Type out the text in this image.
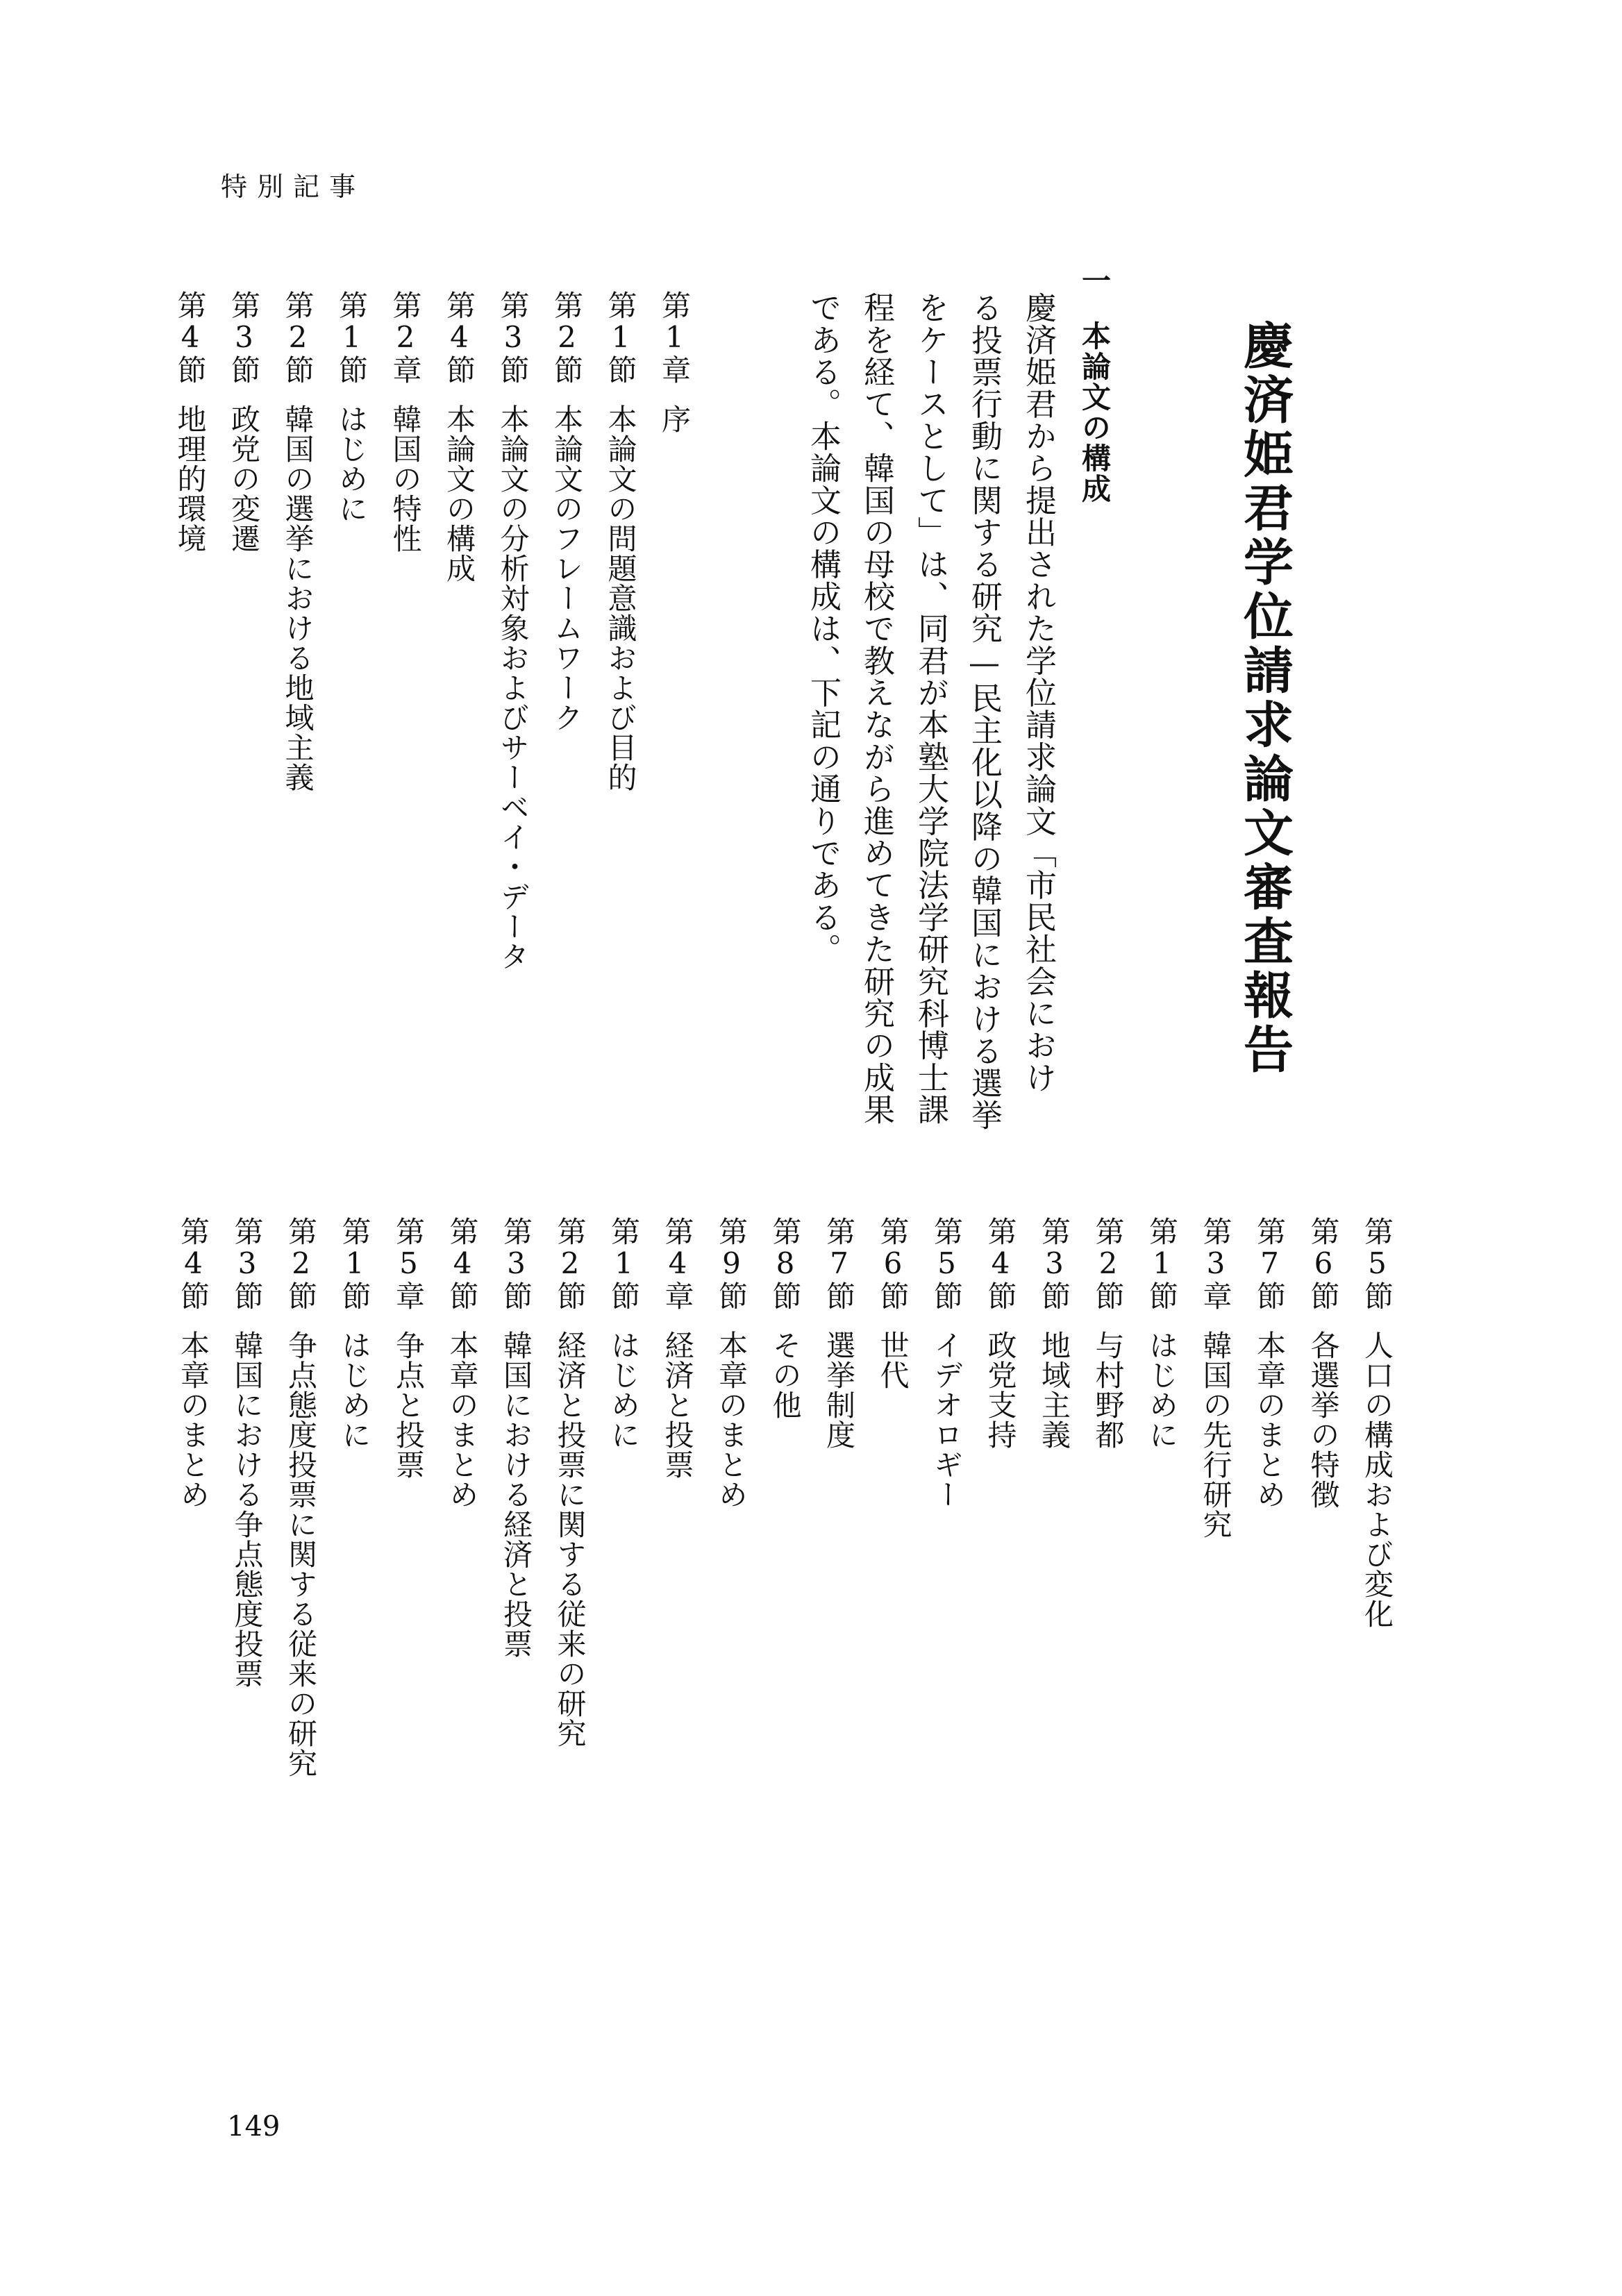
特別記事
慶済姫君学位請求論文審査報告
一本論文の構成
慶済姫君から提出された学位請求論文「市民社会におけ
る投票行動に関する研究—民主化以降の韓国における選挙
をケースとして」は、同君が本塾大学院法学研究科博士課
程を経て、韓国の母校で教えながら進めてきた研究の成果
である。本論文の構成は、下記の通りである。
第1章序
第1節本論文の問題意識および目的
第2節本論文のフレームワーク
第3節本論文の分析対象およびサーベイ・データ
第4節本論文の構成
第2章韓国の特性
第1節はじめに
第2節韓国の選挙における地域主義
第3節政党の変遷
第4節地理的環境
第5節人口の構成および変化
第6節各選挙の特徴
第7節本章のまとめ
第3章韓国の先行研究
第1節はじめに
第2節与村野都
第3節地域主義
第4節政党支持
第5節イデオロギー
第6節世代
第7節選挙制度
第8節その他
第9節本章のまとめ
第4章経済と投票
第1節はじめに
第2節経済と投票に関する従来の研究
第3節韓国における経済と投票
第4節本章のまとめ
第5章争点と投票
第1節はじめに
第2節争点態度投票に関する従来の研究
第3節韓国における争点態度投票
第4節本章のまとめ
149
